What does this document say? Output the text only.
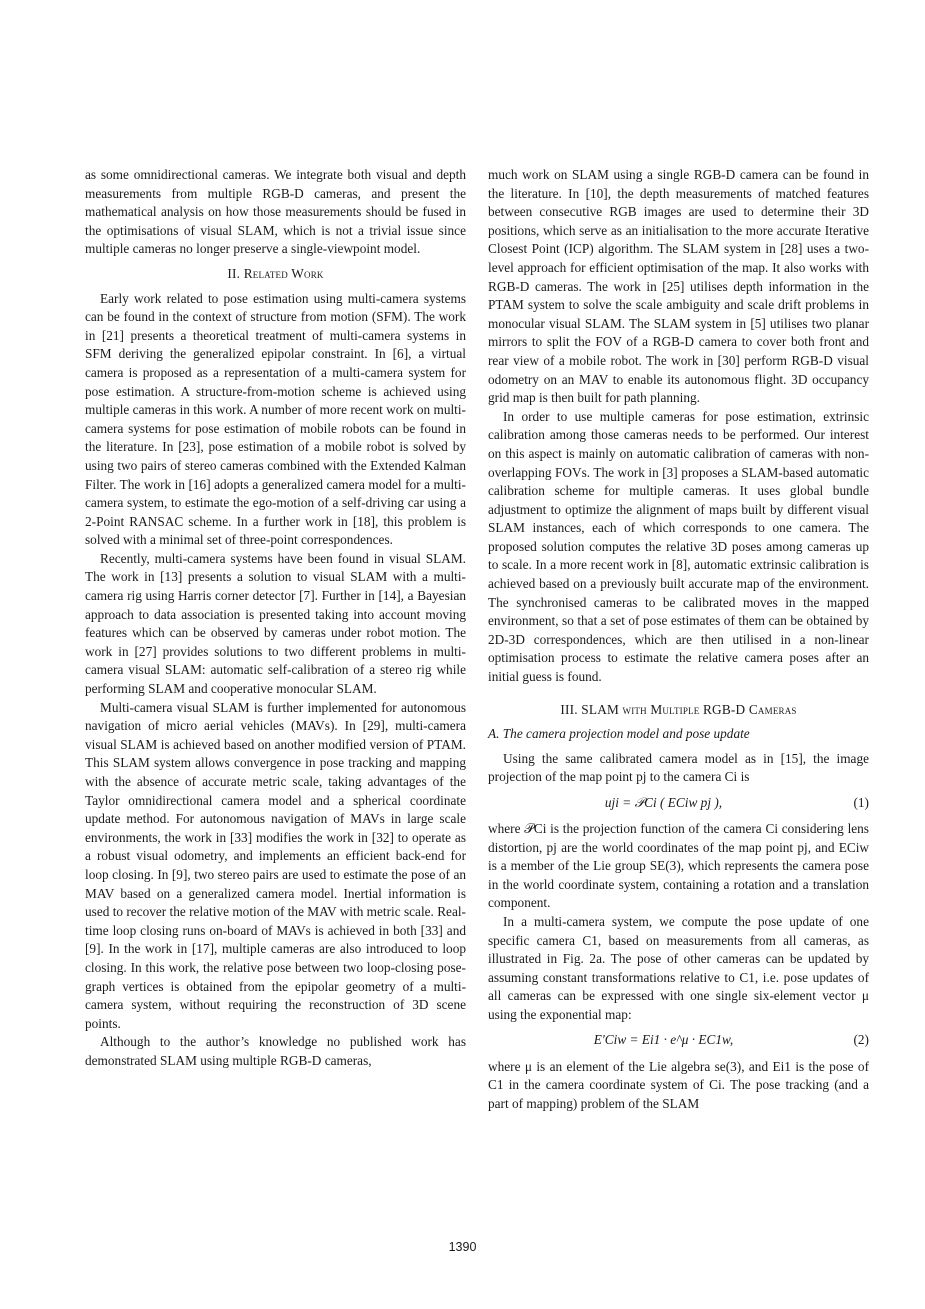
as some omnidirectional cameras. We integrate both visual and depth measurements from multiple RGB-D cameras, and present the mathematical analysis on how those measurements should be fused in the optimisations of visual SLAM, which is not a trivial issue since multiple cameras no longer preserve a single-viewpoint model.

II. Related Work

Early work related to pose estimation using multi-camera systems can be found in the context of structure from motion (SFM). The work in [21] presents a theoretical treatment of multi-camera systems in SFM deriving the generalized epipolar constraint. In [6], a virtual camera is proposed as a representation of a multi-camera system for pose estimation. A structure-from-motion scheme is achieved using multiple cameras in this work. A number of more recent work on multi-camera systems for pose estimation of mobile robots can be found in the literature. In [23], pose estimation of a mobile robot is solved by using two pairs of stereo cameras combined with the Extended Kalman Filter. The work in [16] adopts a generalized camera model for a multi-camera system, to estimate the ego-motion of a self-driving car using a 2-Point RANSAC scheme. In a further work in [18], this problem is solved with a minimal set of three-point correspondences.

Recently, multi-camera systems have been found in visual SLAM. The work in [13] presents a solution to visual SLAM with a multi-camera rig using Harris corner detector [7]. Further in [14], a Bayesian approach to data association is presented taking into account moving features which can be observed by cameras under robot motion. The work in [27] provides solutions to two different problems in multi-camera visual SLAM: automatic self-calibration of a stereo rig while performing SLAM and cooperative monocular SLAM.

Multi-camera visual SLAM is further implemented for autonomous navigation of micro aerial vehicles (MAVs). In [29], multi-camera visual SLAM is achieved based on another modified version of PTAM. This SLAM system allows convergence in pose tracking and mapping with the absence of accurate metric scale, taking advantages of the Taylor omnidirectional camera model and a spherical coordinate update method. For autonomous navigation of MAVs in large scale environments, the work in [33] modifies the work in [32] to operate as a robust visual odometry, and implements an efficient back-end for loop closing. In [9], two stereo pairs are used to estimate the pose of an MAV based on a generalized camera model. Inertial information is used to recover the relative motion of the MAV with metric scale. Real-time loop closing runs on-board of MAVs is achieved in both [33] and [9]. In the work in [17], multiple cameras are also introduced to loop closing. In this work, the relative pose between two loop-closing pose-graph vertices is obtained from the epipolar geometry of a multi-camera system, without requiring the reconstruction of 3D scene points.

Although to the author’s knowledge no published work has demonstrated SLAM using multiple RGB-D cameras,

much work on SLAM using a single RGB-D camera can be found in the literature. In [10], the depth measurements of matched features between consecutive RGB images are used to determine their 3D positions, which serve as an initialisation to the more accurate Iterative Closest Point (ICP) algorithm. The SLAM system in [28] uses a two-level approach for efficient optimisation of the map. It also works with RGB-D cameras. The work in [25] utilises depth information in the PTAM system to solve the scale ambiguity and scale drift problems in monocular visual SLAM. The SLAM system in [5] utilises two planar mirrors to split the FOV of a RGB-D camera to cover both front and rear view of a mobile robot. The work in [30] perform RGB-D visual odometry on an MAV to enable its autonomous flight. 3D occupancy grid map is then built for path planning.

In order to use multiple cameras for pose estimation, extrinsic calibration among those cameras needs to be performed. Our interest on this aspect is mainly on automatic calibration of cameras with non-overlapping FOVs. The work in [3] proposes a SLAM-based automatic calibration scheme for multiple cameras. It uses global bundle adjustment to optimize the alignment of maps built by different visual SLAM instances, each of which corresponds to one camera. The proposed solution computes the relative 3D poses among cameras up to scale. In a more recent work in [8], automatic extrinsic calibration is achieved based on a previously built accurate map of the environment. The synchronised cameras to be calibrated moves in the mapped environment, so that a set of pose estimates of them can be obtained by 2D-3D correspondences, which are then utilised in a non-linear optimisation process to estimate the relative camera poses after an initial guess is found.

III. SLAM with Multiple RGB-D Cameras
A. The camera projection model and pose update

Using the same calibrated camera model as in [15], the image projection of the map point pj to the camera Ci is

uji = 𝒫Ci ( ECiw pj ),	(1)

where 𝒫Ci is the projection function of the camera Ci considering lens distortion, pj are the world coordinates of the map point pj, and ECiw is a member of the Lie group SE(3), which represents the camera pose in the world coordinate system, containing a rotation and a translation component.

In a multi-camera system, we compute the pose update of one specific camera C1, based on measurements from all cameras, as illustrated in Fig. 2a. The pose of other cameras can be updated by assuming constant transformations relative to C1, i.e. pose updates of all cameras can be expressed with one single six-element vector μ using the exponential map:

E′Ciw = Ei1 · e^μ · EC1w,	(2)

where μ is an element of the Lie algebra se(3), and Ei1 is the pose of C1 in the camera coordinate system of Ci. The pose tracking (and a part of mapping) problem of the SLAM

1390
